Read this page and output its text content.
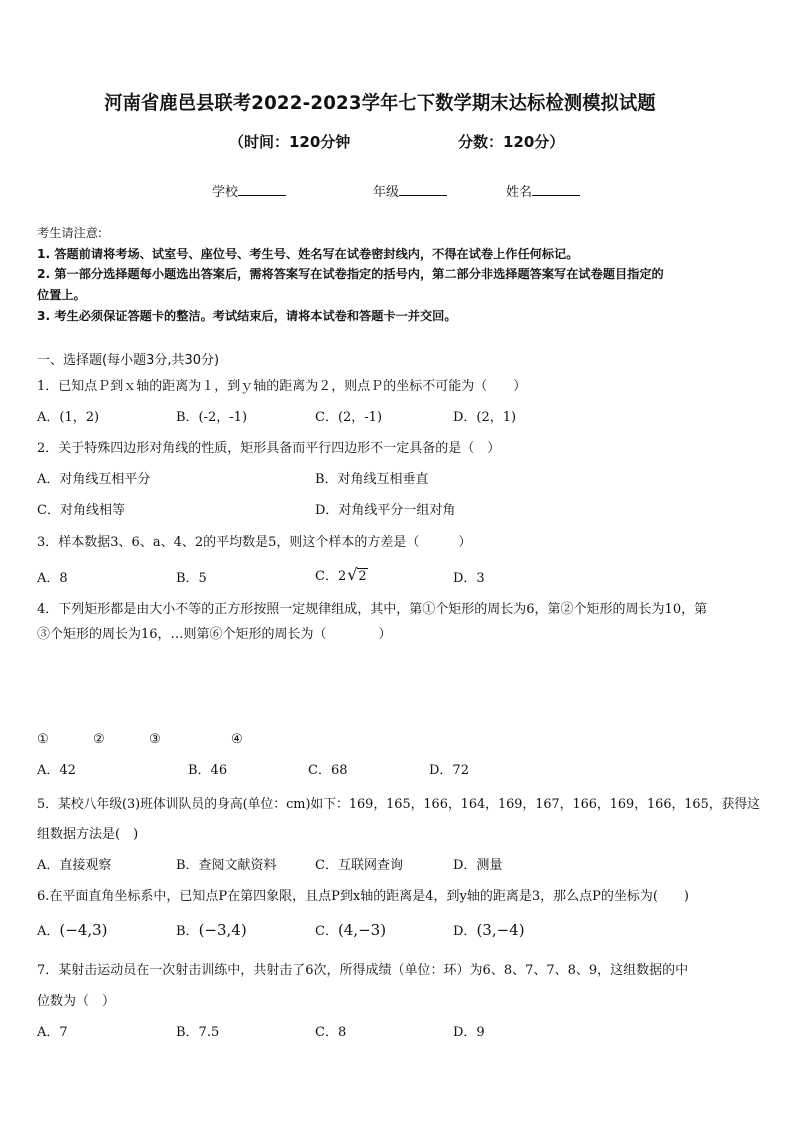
河南省鹿邑县联考2022-2023学年七下数学期末达标检测模拟试题
（时间：120分钟	分数：120分）
学校	年级	姓名
考生请注意:
1. 答题前请将考场、试室号、座位号、考生号、姓名写在试卷密封线内，不得在试卷上作任何标记。
2. 第一部分选择题每小题选出答案后，需将答案写在试卷指定的括号内，第二部分非选择题答案写在试卷题目指定的
位置上。
3. 考生必须保证答题卡的整洁。考试结束后，请将本试卷和答题卡一并交回。
一、选择题(每小题3分,共30分)
1．已知点Ｐ到ｘ轴的距离为１，到ｙ轴的距离为２，则点Ｐ的坐标不可能为（　　）
A．(1，2)	B．(-2，-1)	C．(2，-1)	D．(2，1)
2．关于特殊四边形对角线的性质，矩形具备而平行四边形不一定具备的是（　）
A．对角线互相平分	B．对角线互相垂直
C．对角线相等	D．对角线平分一组对角
3．样本数据3、6、a、4、2的平均数是5，则这个样本的方差是（　　　）
A．8	B．5	C．2√2	D．3
4．下列矩形都是由大小不等的正方形按照一定规律组成，其中，第①个矩形的周长为6，第②个矩形的周长为10，第
③个矩形的周长为16，…则第⑥个矩形的周长为（　　　　）
①	②	③	④
A．42	B．46	C．68	D．72
5．某校八年级(3)班体训队员的身高(单位：cm)如下：169，165，166，164，169，167，166，169，166，165，获得这
组数据方法是(　)
A．直接观察	B．查阅文献资料	C．互联网查询	D．测量
6.在平面直角坐标系中，已知点P在第四象限，且点P到x轴的距离是4，到y轴的距离是3，那么点P的坐标为(　　)
A．(−4,3)	B．(−3,4)	C．(4,−3)	D．(3,−4)
7．某射击运动员在一次射击训练中，共射击了6次，所得成绩（单位：环）为6、8、7、7、8、9，这组数据的中
位数为（　）
A．7	B．7.5	C．8	D．9
